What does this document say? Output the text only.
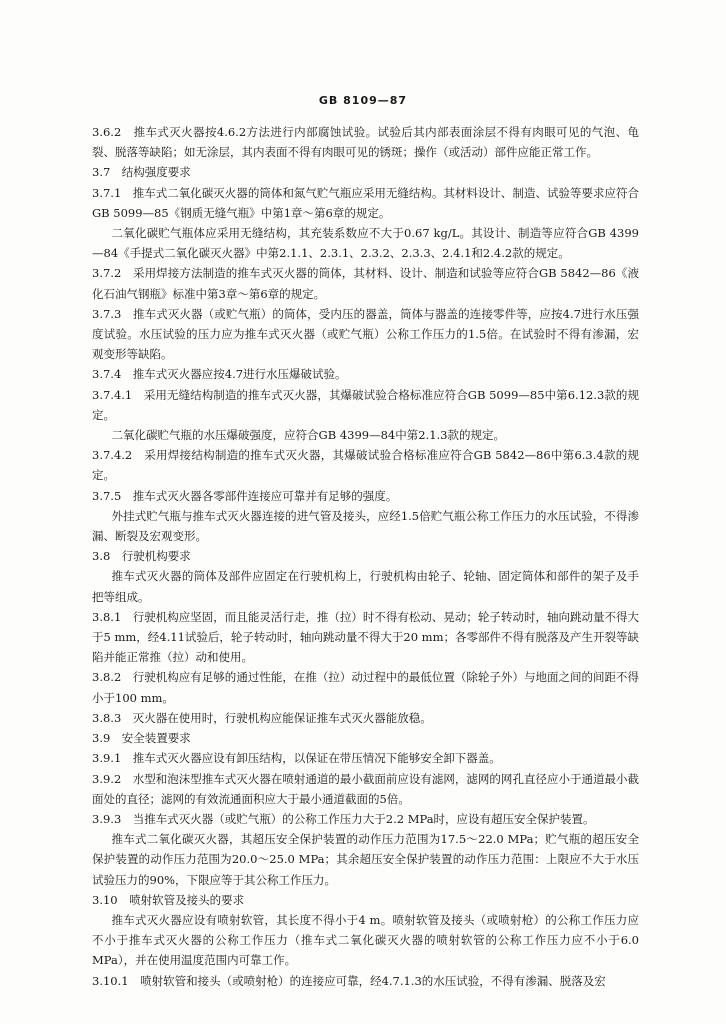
GB 8109—87

3.6.2　推车式灭火器按4.6.2方法进行内部腐蚀试验。试验后其内部表面涂层不得有肉眼可见的气泡、龟裂、脱落等缺陷；如无涂层，其内表面不得有肉眼可见的锈斑；操作（或活动）部件应能正常工作。

3.7　结构强度要求

3.7.1　推车式二氧化碳灭火器的筒体和氮气贮气瓶应采用无缝结构。其材料设计、制造、试验等要求应符合GB 5099—85《钢质无缝气瓶》中第1章～第6章的规定。

二氧化碳贮气瓶体应采用无缝结构，其充装系数应不大于0.67 kg/L。其设计、制造等应符合GB 4399—84《手提式二氧化碳灭火器》中第2.1.1、2.3.1、2.3.2、2.3.3、2.4.1和2.4.2款的规定。

3.7.2　采用焊接方法制造的推车式灭火器的筒体，其材料、设计、制造和试验等应符合GB 5842—86《液化石油气钢瓶》标准中第3章～第6章的规定。

3.7.3　推车式灭火器（或贮气瓶）的筒体，受内压的器盖，筒体与器盖的连接零件等，应按4.7进行水压强度试验。水压试验的压力应为推车式灭火器（或贮气瓶）公称工作压力的1.5倍。在试验时不得有渗漏，宏观变形等缺陷。

3.7.4　推车式灭火器应按4.7进行水压爆破试验。

3.7.4.1　采用无缝结构制造的推车式灭火器，其爆破试验合格标准应符合GB 5099—85中第6.12.3款的规定。

二氧化碳贮气瓶的水压爆破强度，应符合GB 4399—84中第2.1.3款的规定。

3.7.4.2　采用焊接结构制造的推车式灭火器，其爆破试验合格标准应符合GB 5842—86中第6.3.4款的规定。

3.7.5　推车式灭火器各零部件连接应可靠并有足够的强度。

外挂式贮气瓶与推车式灭火器连接的进气管及接头，应经1.5倍贮气瓶公称工作压力的水压试验，不得渗漏、断裂及宏观变形。

3.8　行驶机构要求

推车式灭火器的筒体及部件应固定在行驶机构上，行驶机构由轮子、轮轴、固定筒体和部件的架子及手把等组成。

3.8.1　行驶机构应坚固，而且能灵活行走，推（拉）时不得有松动、晃动；轮子转动时，轴向跳动量不得大于5 mm，经4.11试验后，轮子转动时，轴向跳动量不得大于20 mm；各零部件不得有脱落及产生开裂等缺陷并能正常推（拉）动和使用。

3.8.2　行驶机构应有足够的通过性能，在推（拉）动过程中的最低位置（除轮子外）与地面之间的间距不得小于100 mm。

3.8.3　灭火器在使用时，行驶机构应能保证推车式灭火器能放稳。

3.9　安全装置要求

3.9.1　推车式灭火器应设有卸压结构，以保证在带压情况下能够安全卸下器盖。

3.9.2　水型和泡沫型推车式灭火器在喷射通道的最小截面前应设有滤网，滤网的网孔直径应小于通道最小截面处的直径；滤网的有效流通面积应大于最小通道截面的5倍。

3.9.3　当推车式灭火器（或贮气瓶）的公称工作压力大于2.2 MPa时，应设有超压安全保护装置。

推车式二氧化碳灭火器，其超压安全保护装置的动作压力范围为17.5～22.0 MPa；贮气瓶的超压安全保护装置的动作压力范围为20.0～25.0 MPa；其余超压安全保护装置的动作压力范围：上限应不大于水压试验压力的90%，下限应等于其公称工作压力。

3.10　喷射软管及接头的要求

推车式灭火器应设有喷射软管，其长度不得小于4 m。喷射软管及接头（或喷射枪）的公称工作压力应不小于推车式灭火器的公称工作压力（推车式二氧化碳灭火器的喷射软管的公称工作压力应不小于6.0 MPa），并在使用温度范围内可靠工作。

3.10.1　喷射软管和接头（或喷射枪）的连接应可靠，经4.7.1.3的水压试验，不得有渗漏、脱落及宏
